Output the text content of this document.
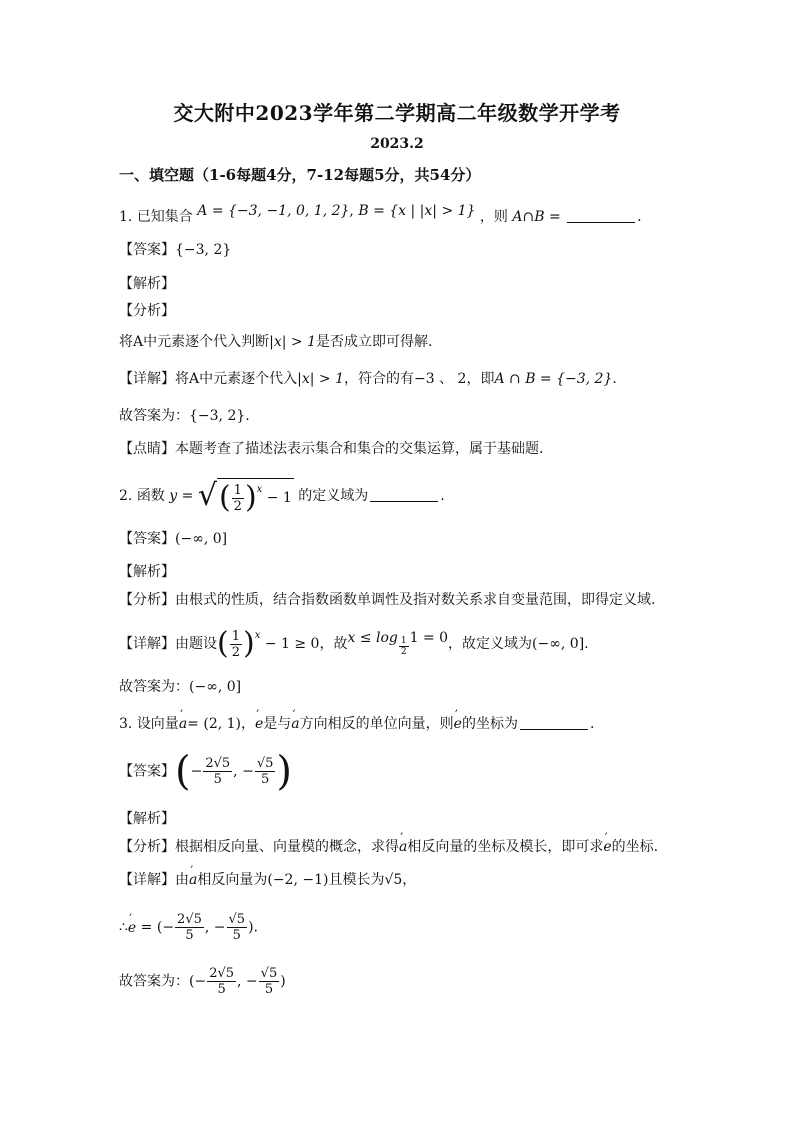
交大附中2023学年第二学期高二年级数学开学考
2023.2
一、填空题（1-6每题4分，7-12每题5分，共54分）
1. 已知集合 A = {−3, −1, 0, 1, 2}, B = {x | |x| > 1} ，则 A∩B =	.
【答案】{−3, 2}
【解析】
【分析】
将A中元素逐个代入判断|x| > 1是否成立即可得解.
【详解】将A中元素逐个代入|x| > 1，符合的有−3 、 2，即A ∩ B = {−3, 2}.
故答案为：{−3, 2}.
【点睛】本题考查了描述法表示集合和集合的交集运算，属于基础题.
2. 函数 y = √( $\frac{1}{2} )^x - 1$ 的定义域为	.
【答案】(−∞, 0]
【解析】
【分析】由根式的性质，结合指数函数单调性及指对数关系求自变量范围，即得定义域.
【详解】由题设( $\frac{1}{2} )^x - 1 \ge 0$，故$x \le \log \frac{1}{2} 1 = 0$，故定义域为(−∞, 0].
故答案为：(−∞, 0]
3. 设向量’ a= (2, 1)，’ e是与’ a方向相反的单位向量，则’ e的坐标为	.
【答案】(− $\frac{2√5}{5}$ , − $\frac{√5}{5}$ )
【解析】
【分析】根据相反向量、向量模的概念，求得’ a相反向量的坐标及模长，即可求’ e的坐标.
【详解】由’ a相反向量为(−2, −1)且模长为√5，
∴’ e = (− $\frac{2√5}{5}$ , − $\frac{√5}{5}$ ).
故答案为：(− $\frac{2√5}{5}$ , − $\frac{√5}{5}$ )
